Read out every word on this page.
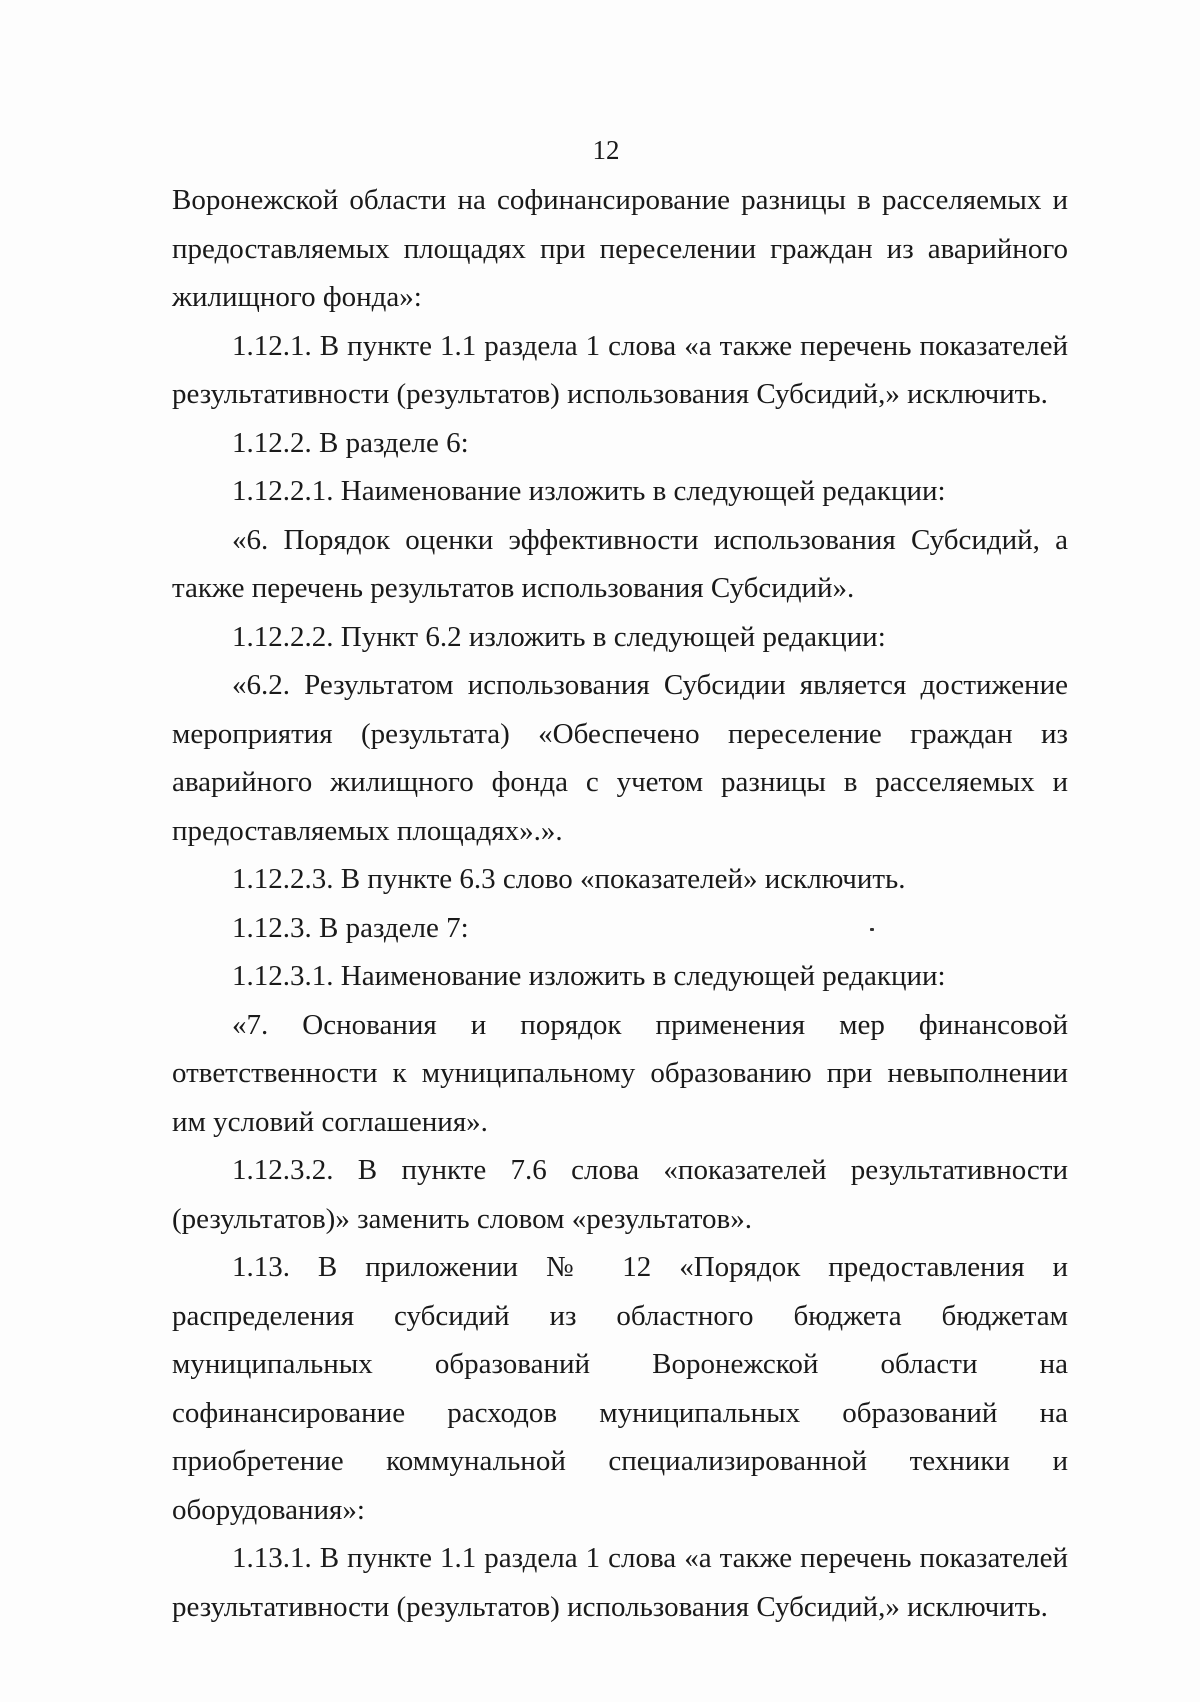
12

Воронежской области на софинансирование разницы в расселяемых и предоставляемых площадях при переселении граждан из аварийного жилищного фонда»:

1.12.1. В пункте 1.1 раздела 1 слова «а также перечень показателей результативности (результатов) использования Субсидий,» исключить.

1.12.2. В разделе 6:

1.12.2.1. Наименование изложить в следующей редакции:

«6. Порядок оценки эффективности использования Субсидий, а также перечень результатов использования Субсидий».

1.12.2.2. Пункт 6.2 изложить в следующей редакции:

«6.2. Результатом использования Субсидии является достижение мероприятия (результата) «Обеспечено переселение граждан из аварийного жилищного фонда с учетом разницы в расселяемых и предоставляемых площадях».».

1.12.2.3. В пункте 6.3 слово «показателей» исключить.

1.12.3. В разделе 7:

1.12.3.1. Наименование изложить в следующей редакции:

«7. Основания и порядок применения мер финансовой ответственности к муниципальному образованию при невыполнении им условий соглашения».

1.12.3.2. В пункте 7.6 слова «показателей результативности (результатов)» заменить словом «результатов».

1.13. В приложении № 12 «Порядок предоставления и распределения субсидий из областного бюджета бюджетам муниципальных образований Воронежской области на софинансирование расходов муниципальных образований на приобретение коммунальной специализированной техники и оборудования»:

1.13.1. В пункте 1.1 раздела 1 слова «а также перечень показателей результативности (результатов) использования Субсидий,» исключить.
